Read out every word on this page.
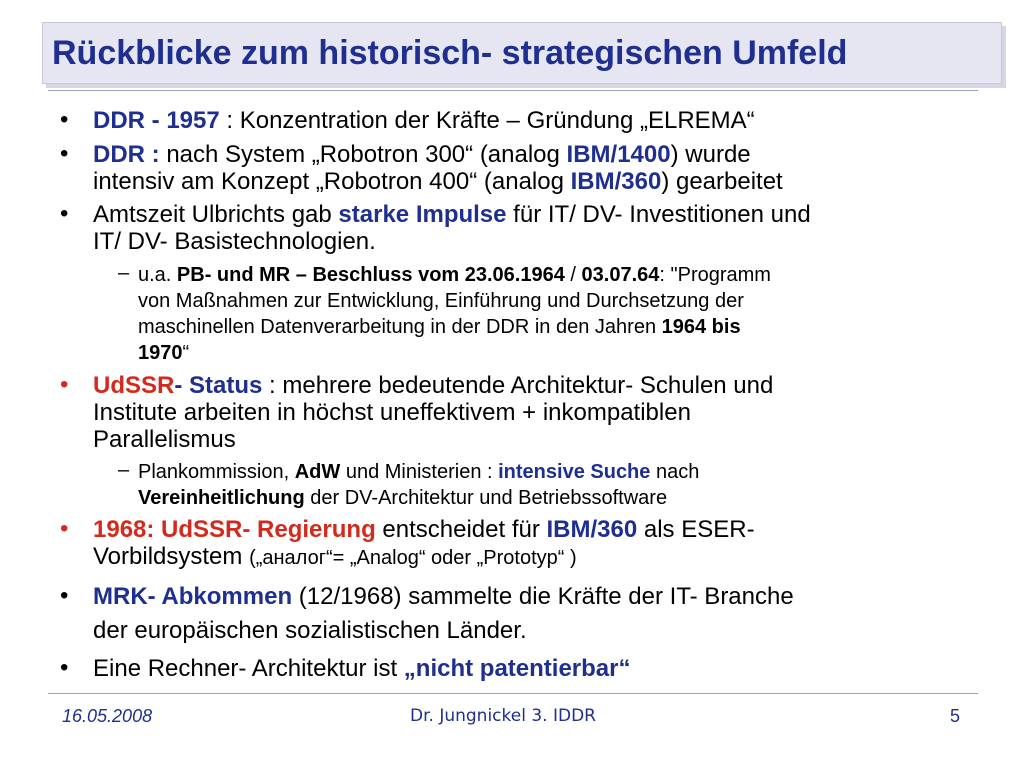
Rückblicke zum historisch- strategischen Umfeld
• DDR - 1957 : Konzentration der Kräfte – Gründung „ELREMA“
• DDR : nach System „Robotron 300“ (analog IBM/1400) wurde
intensiv am Konzept „Robotron 400“ (analog IBM/360) gearbeitet
• Amtszeit Ulbrichts gab starke Impulse für IT/ DV- Investitionen und
IT/ DV- Basistechnologien.
– u.a. PB- und MR – Beschluss vom 23.06.1964 / 03.07.64: "Programm
von Maßnahmen zur Entwicklung, Einführung und Durchsetzung der
maschinellen Datenverarbeitung in der DDR in den Jahren 1964 bis
1970“
• UdSSR- Status : mehrere bedeutende Architektur- Schulen und
Institute arbeiten in höchst uneffektivem + inkompatiblen
Parallelismus
– Plankommission, AdW und Ministerien : intensive Suche nach
Vereinheitlichung der DV-Architektur und Betriebssoftware
• 1968: UdSSR- Regierung entscheidet für IBM/360 als ESER-
Vorbildsystem („аналог“= „Analog“ oder „Prototyp“ )
• MRK- Abkommen (12/1968) sammelte die Kräfte der IT- Branche
der europäischen sozialistischen Länder.
• Eine Rechner- Architektur ist „nicht patentierbar“
16.05.2008	Dr. Jungnickel 3. IDDR	5
